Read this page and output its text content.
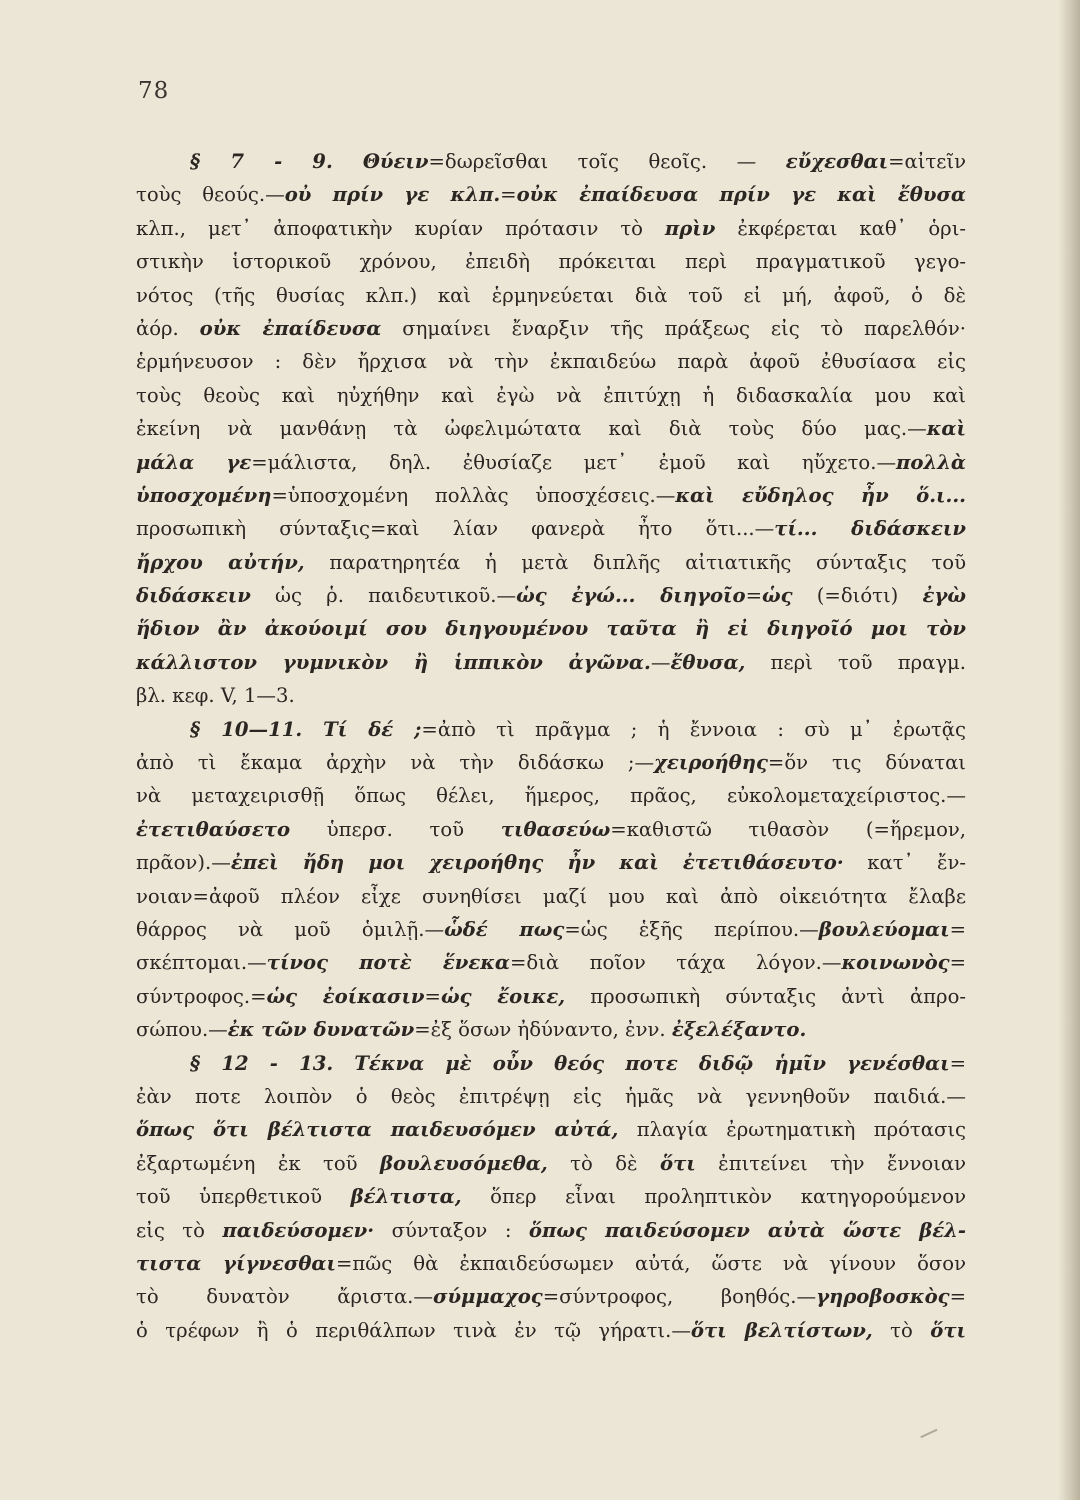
78
§ 7 - 9. Θύειν=δωρεῖσθαι τοῖς θεοῖς. — εὔχεσθαι=αἰτεῖν
τοὺς θεούς.—οὐ πρίν γε κλπ.=οὐκ ἐπαίδευσα πρίν γε καὶ ἔθυσα
κλπ., μετ᾿ ἀποφατικὴν κυρίαν πρότασιν τὸ πρὶν ἐκφέρεται καθ᾿ ὁρι-
στικὴν ἱστορικοῦ χρόνου, ἐπειδὴ πρόκειται περὶ πραγματικοῦ γεγο-
νότος (τῆς θυσίας κλπ.) καὶ ἑρμηνεύεται διὰ τοῦ εἰ μή, ἀφοῦ, ὁ δὲ
ἀόρ. οὐκ ἐπαίδευσα σημαίνει ἔναρξιν τῆς πράξεως εἰς τὸ παρελθόν·
ἑρμήνευσον : δὲν ἤρχισα νὰ τὴν ἐκπαιδεύω παρὰ ἀφοῦ ἐθυσίασα εἰς
τοὺς θεοὺς καὶ ηὐχήθην καὶ ἐγὼ νὰ ἐπιτύχῃ ἡ διδασκαλία μου καὶ
ἐκείνη νὰ μανθάνῃ τὰ ὠφελιμώτατα καὶ διὰ τοὺς δύο μας.—καὶ
μάλα γε=μάλιστα, δηλ. ἐθυσίαζε μετ᾿ ἐμοῦ καὶ ηὔχετο.—πολλὰ
ὑποσχομένη=ὑποσχομένη πολλὰς ὑποσχέσεις.—καὶ εὔδηλος ἦν ὅ.ι...
προσωπικὴ σύνταξις=καὶ λίαν φανερὰ ἦτο ὅτι...—τί... διδάσκειν
ἤρχου αὐτήν, παρατηρητέα ἡ μετὰ διπλῆς αἰτιατικῆς σύνταξις τοῦ
διδάσκειν ὡς ῥ. παιδευτικοῦ.—ὡς ἐγώ... διηγοῖο=ὡς (=διότι) ἐγὼ
ἥδιον ἂν ἀκούοιμί σου διηγουμένου ταῦτα ἢ εἰ διηγοῖό μοι τὸν
κάλλιστον γυμνικὸν ἢ ἱππικὸν ἀγῶνα.—ἔθυσα, περὶ τοῦ πραγμ.
βλ. κεφ. V, 1—3.
§ 10—11. Τί δέ ;=ἀπὸ τὶ πρᾶγμα ; ἡ ἔννοια : σὺ μ᾿ ἐρωτᾷς
ἀπὸ τὶ ἔκαμα ἀρχὴν νὰ τὴν διδάσκω ;—χειροήθης=ὅν τις δύναται
νὰ μεταχειρισθῇ ὅπως θέλει, ἥμερος, πρᾶος, εὐκολομεταχείριστος.—
ἐτετιθαύσετο ὑπερσ. τοῦ τιθασεύω=καθιστῶ τιθασὸν (=ἥρεμον,
πρᾶον).—ἐπεὶ ἤδη μοι χειροήθης ἦν καὶ ἐτετιθάσευτο· κατ᾿ ἔν-
νοιαν=ἀφοῦ πλέον εἶχε συνηθίσει μαζί μου καὶ ἀπὸ οἰκειότητα ἔλαβε
θάρρος νὰ μοῦ ὁμιλῇ.—ὧδέ πως=ὡς ἑξῆς περίπου.—βουλεύομαι=
σκέπτομαι.—τίνος ποτὲ ἕνεκα=διὰ ποῖον τάχα λόγον.—κοινωνὸς=
σύντροφος.=ὡς ἐοίκασιν=ὡς ἔοικε, προσωπικὴ σύνταξις ἀντὶ ἀπρο-
σώπου.—ἐκ τῶν δυνατῶν=ἐξ ὅσων ἠδύναντο, ἐνν. ἐξελέξαντο.
§ 12 - 13. Τέκνα μὲ οὖν θεός ποτε διδῷ ἡμῖν γενέσθαι=
ἐὰν ποτε λοιπὸν ὁ θεὸς ἐπιτρέψῃ εἰς ἡμᾶς νὰ γεννηθοῦν παιδιά.—
ὅπως ὅτι βέλτιστα παιδευσόμεν αὐτά, πλαγία ἐρωτηματικὴ πρότασις
ἐξαρτωμένη ἐκ τοῦ βουλευσόμεθα, τὸ δὲ ὅτι ἐπιτείνει τὴν ἔννοιαν
τοῦ ὑπερθετικοῦ βέλτιστα, ὅπερ εἶναι προληπτικὸν κατηγορούμενον
εἰς τὸ παιδεύσομεν· σύνταξον : ὅπως παιδεύσομεν αὐτὰ ὥστε βέλ-
τιστα γίγνεσθαι=πῶς θὰ ἐκπαιδεύσωμεν αὐτά, ὥστε νὰ γίνουν ὅσον
τὸ δυνατὸν ἄριστα.—σύμμαχος=σύντροφος, βοηθός.—γηροβοσκὸς=
ὁ τρέφων ἢ ὁ περιθάλπων τινὰ ἐν τῷ γήρατι.—ὅτι βελτίστων, τὸ ὅτι
